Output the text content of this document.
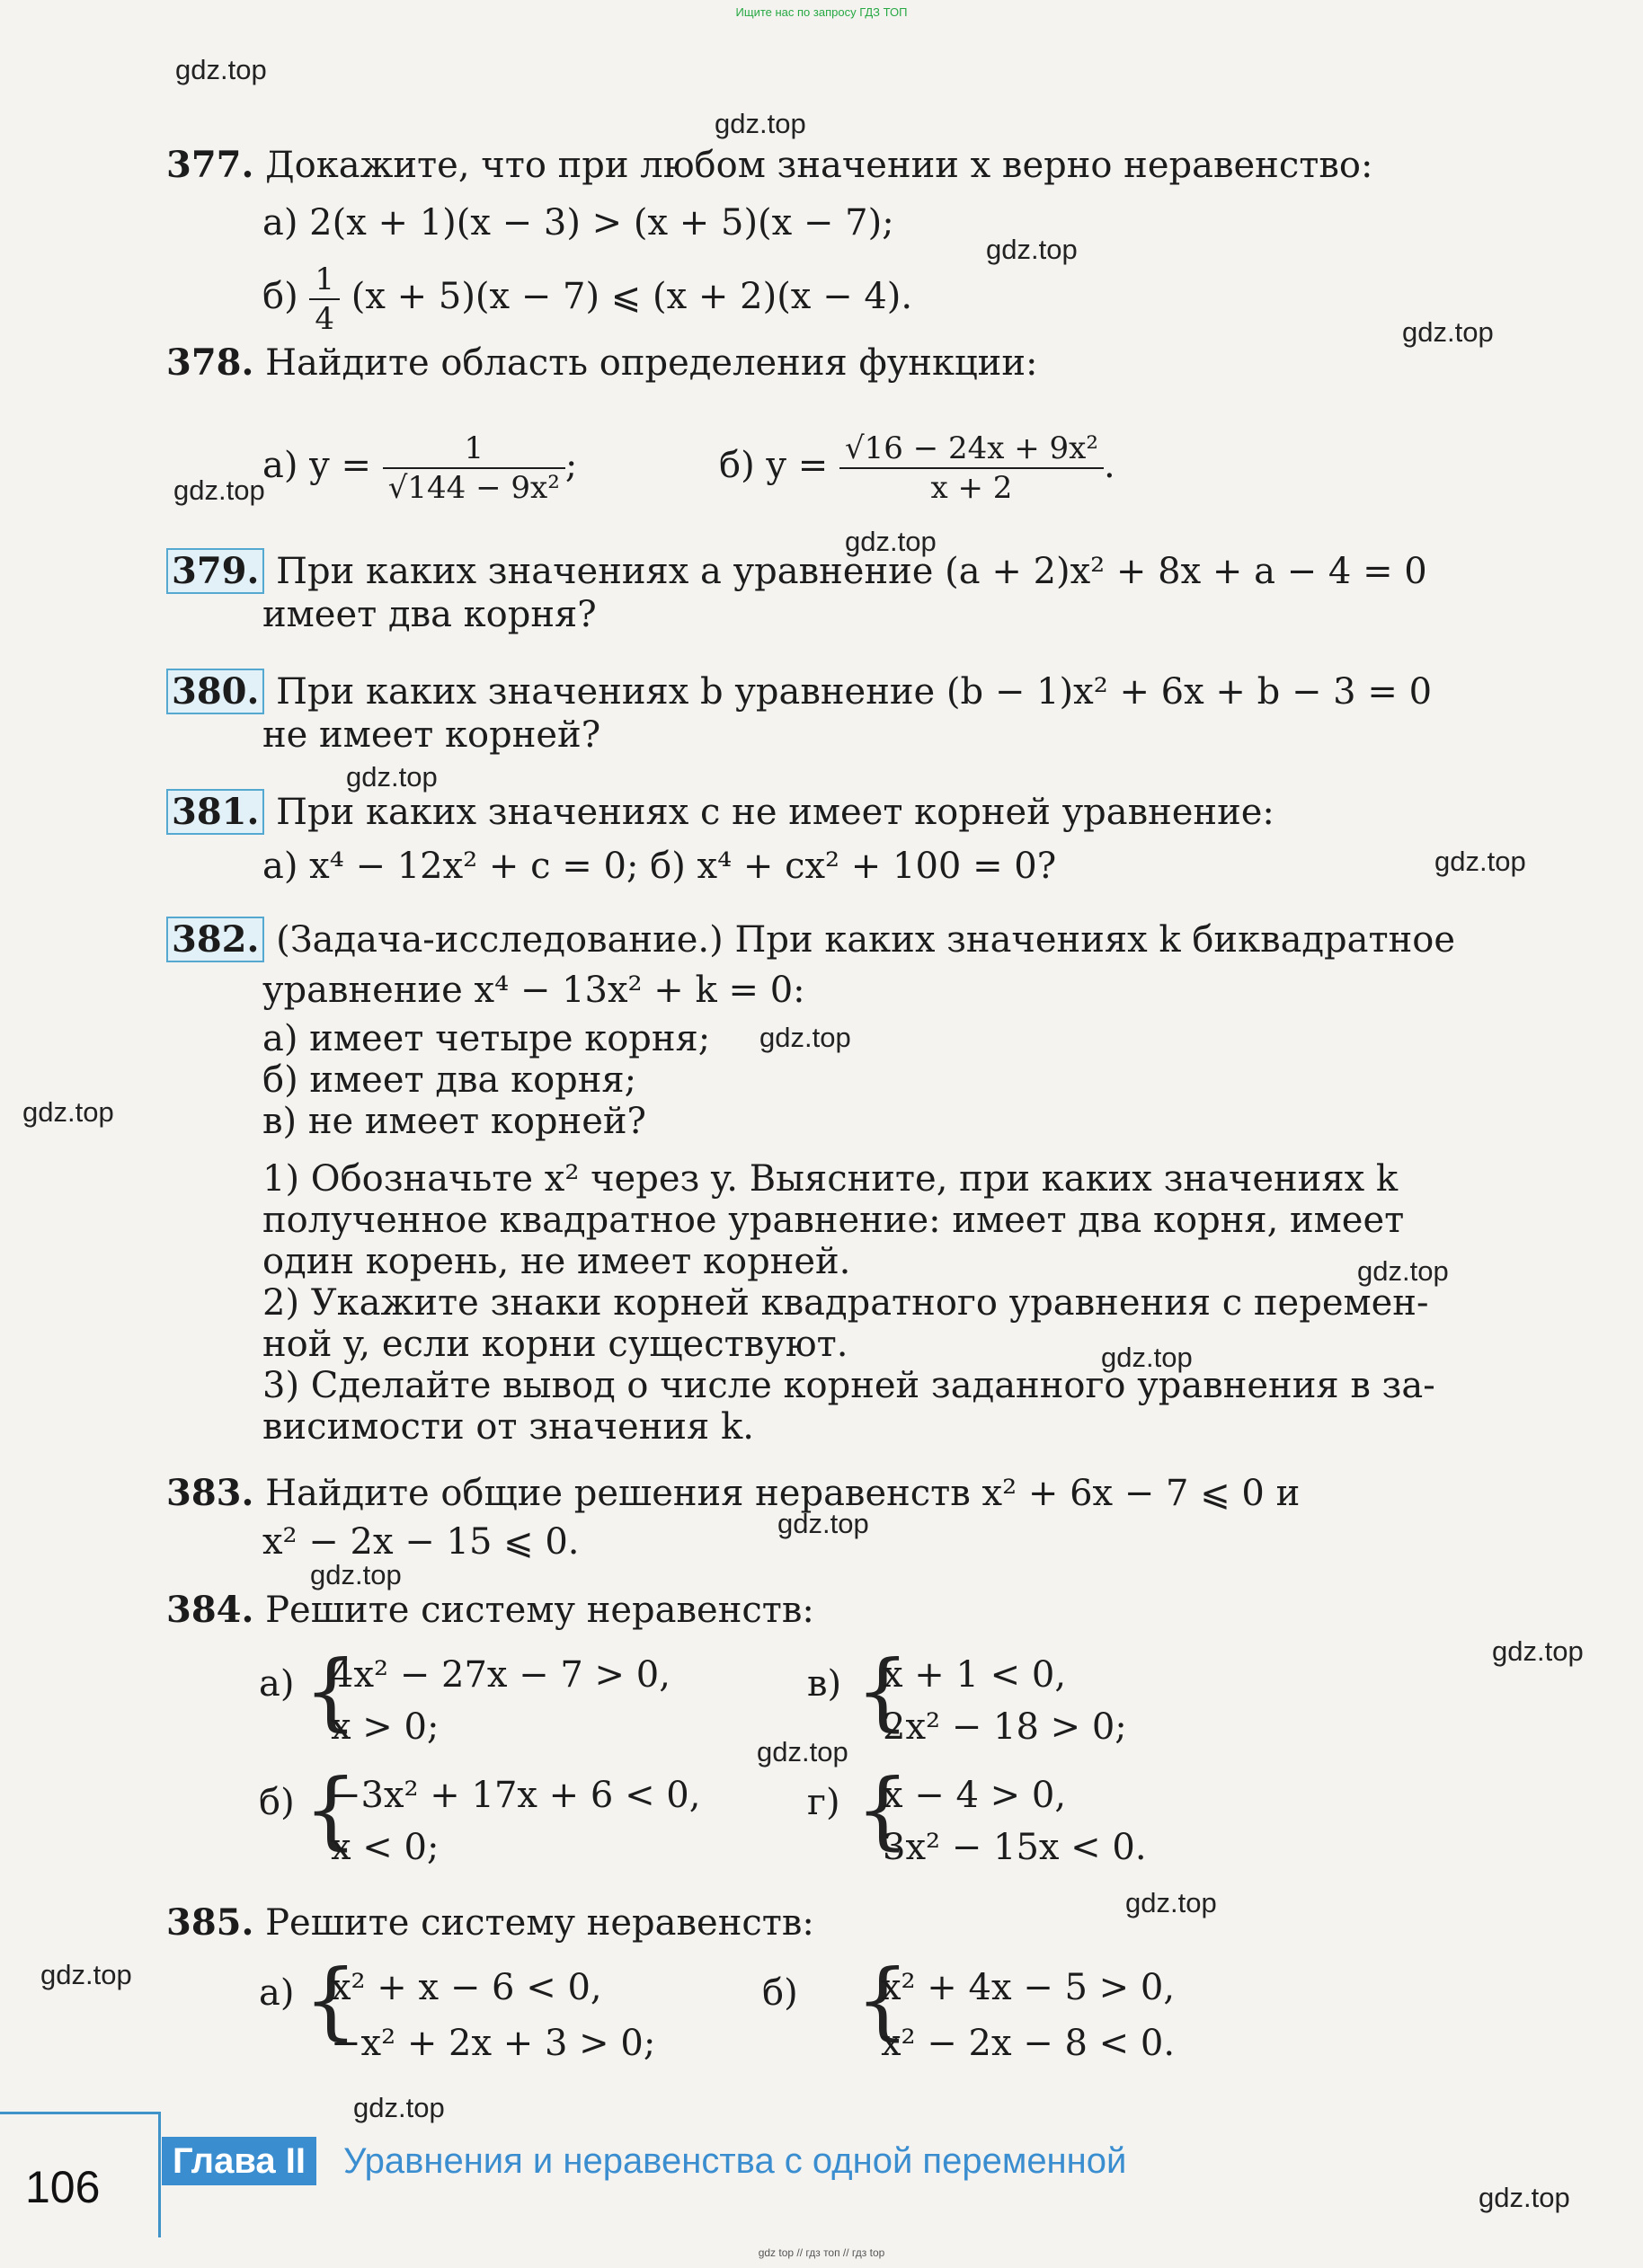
Ищите нас по запросу ГДЗ ТОП
gdz.top
gdz.top
gdz.top
gdz.top
gdz.top
gdz.top
gdz.top
gdz.top
gdz.top
gdz.top
gdz.top
gdz.top
gdz.top
gdz.top
gdz.top
gdz.top
gdz.top
gdz.top
gdz.top
gdz.top
377. Докажите, что при любом значении x верно неравенство:
а) 2(x + 1)(x − 3) > (x + 5)(x − 7);
$б) \frac{1}{4} (x + 5)(x - 7)$ ⩽ (x + 2)(x − 4).
378. Найдите область определения функции:
а) $y = \frac{1}{\text{√144 − 9x²}}$ ;	б) $y = \frac{\text{√16 − 24x + 9x²}}{x + 2}$ .
379. При каких значениях a уравнение (a + 2)x² + 8x + a − 4 = 0
имеет два корня?
380. При каких значениях b уравнение (b − 1)x² + 6x + b − 3 = 0
не имеет корней?
381. При каких значениях c не имеет корней уравнение:
а) x⁴ − 12x² + c = 0; б) x⁴ + cx² + 100 = 0?
382. (Задача-исследование.) При каких значениях k биквадратное
уравнение x⁴ − 13x² + k = 0:
а) имеет четыре корня;
б) имеет два корня;
в) не имеет корней?
1) Обозначьте x² через y. Выясните, при каких значениях k
полученное квадратное уравнение: имеет два корня, имеет
один корень, не имеет корней.
2) Укажите знаки корней квадратного уравнения с перемен-
ной y, если корни существуют.
3) Сделайте вывод о числе корней заданного уравнения в за-
висимости от значения k.
383. Найдите общие решения неравенств x² + 6x − 7 ⩽ 0 и
x² − 2x − 15 ⩽ 0.
384. Решите систему неравенств:
а) {
4x² − 27x − 7 > 0,
x > 0;
в) {
x + 1 < 0,
2x² − 18 > 0;
б) {
−3x² + 17x + 6 < 0,
x < 0;
г) {
x − 4 > 0,
3x² − 15x < 0.
385. Решите систему неравенств:
а) {
x² + x − 6 < 0,
−x² + 2x + 3 > 0;
б) {
x² + 4x − 5 > 0,
x² − 2x − 8 < 0.
106
Глава II	Уравнения и неравенства с одной переменной
gdz top // гдз топ // гдз top
